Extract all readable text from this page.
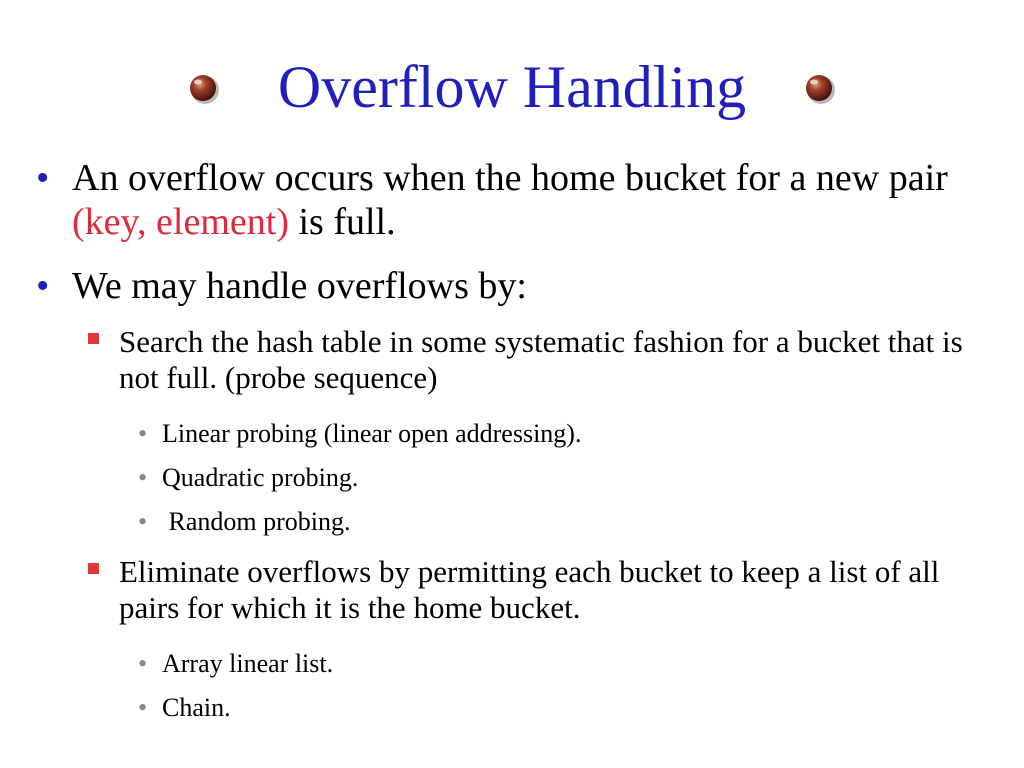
Overflow Handling
• An overflow occurs when the home bucket for a new pair (key, element) is full.
• We may handle overflows by:
Search the hash table in some systematic fashion for a bucket that is not full. (probe sequence)
• Linear probing (linear open addressing).
• Quadratic probing.
• Random probing.
Eliminate overflows by permitting each bucket to keep a list of all pairs for which it is the home bucket.
• Array linear list.
• Chain.
